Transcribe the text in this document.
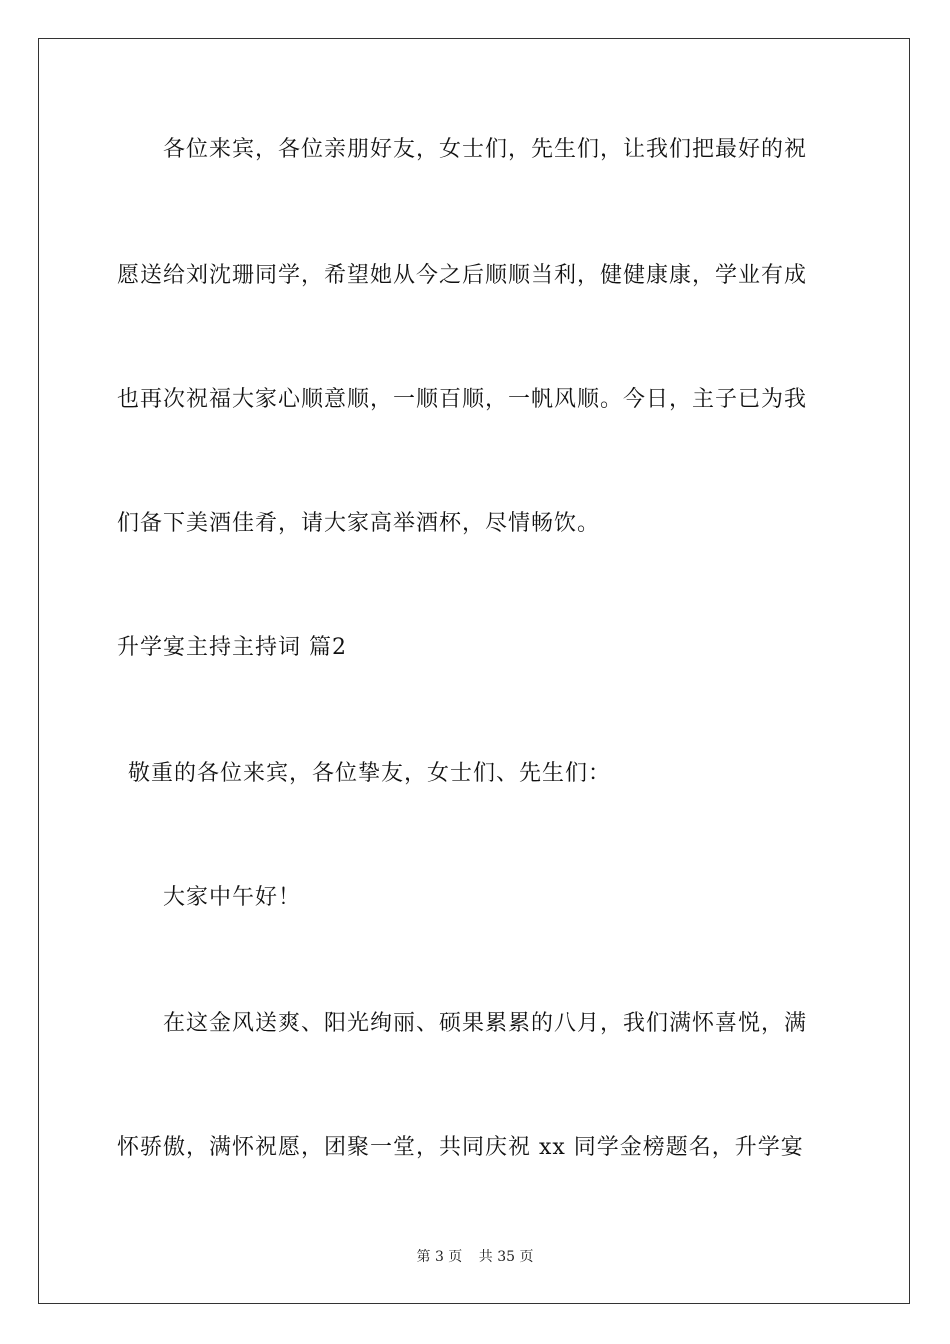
各位来宾，各位亲朋好友，女士们，先生们，让我们把最好的祝
愿送给刘沈珊同学，希望她从今之后顺顺当利，健健康康，学业有成
也再次祝福大家心顺意顺，一顺百顺，一帆风顺。今日，主子已为我
们备下美酒佳肴，请大家高举酒杯，尽情畅饮。
升学宴主持主持词 篇2
敬重的各位来宾，各位挚友，女士们、先生们：
大家中午好！
在这金风送爽、阳光绚丽、硕果累累的八月，我们满怀喜悦，满
怀骄傲，满怀祝愿，团聚一堂，共同庆祝 xx 同学金榜题名，升学宴
第 3 页 共 35 页
